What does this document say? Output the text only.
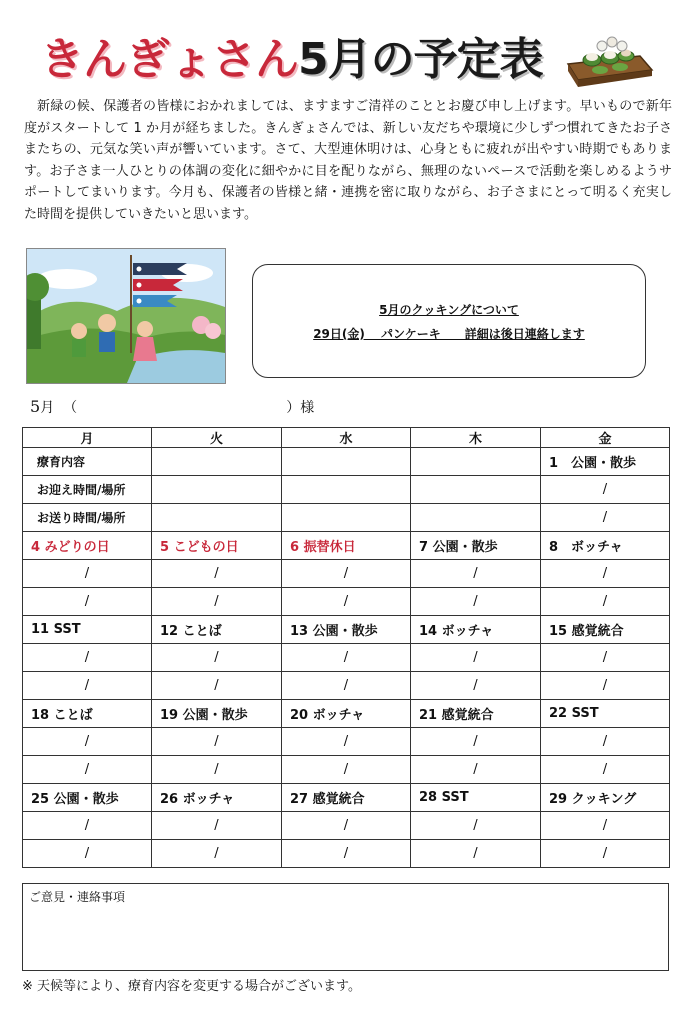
きんぎょさん5月の予定表

新緑の候、保護者の皆様におかれましては、ますますご清祥のこととお慶び申し上げます。早いもので新年度がスタートして 1 か月が経ちました。きんぎょさんでは、新しい友だちや環境に少しずつ慣れてきたお子さまたちの、元気な笑い声が響いています。さて、大型連休明けは、心身ともに疲れが出やすい時期でもあります。お子さま一人ひとりの体調の変化に細やかに目を配りながら、無理のないペースで活動を楽しめるようサポートしてまいります。今月も、保護者の皆様と緒・連携を密に取りながら、お子さまにとって明るく充実した時間を提供していきたいと思います。

5月のクッキングについて
29日(金)　 パンケーキ　　詳細は後日連絡します
5月 （	）様
月	火	水	木	金
療育内容				1　公園・散歩
お迎え時間/場所				/
お送り時間/場所				/
4 みどりの日	5 こどもの日	6 振替休日	7 公園・散歩	8　ボッチャ
/	/	/	/	/
/	/	/	/	/
11 SST	12 ことば	13 公園・散歩	14 ボッチャ	15 感覚統合
/	/	/	/	/
/	/	/	/	/
18 ことば	19 公園・散歩	20 ボッチャ	21 感覚統合	22 SST
/	/	/	/	/
/	/	/	/	/
25 公園・散歩	26 ボッチャ	27 感覚統合	28 SST	29 クッキング
/	/	/	/	/
/	/	/	/	/
ご意見・連絡事項
※ 天候等により、療育内容を変更する場合がございます。
